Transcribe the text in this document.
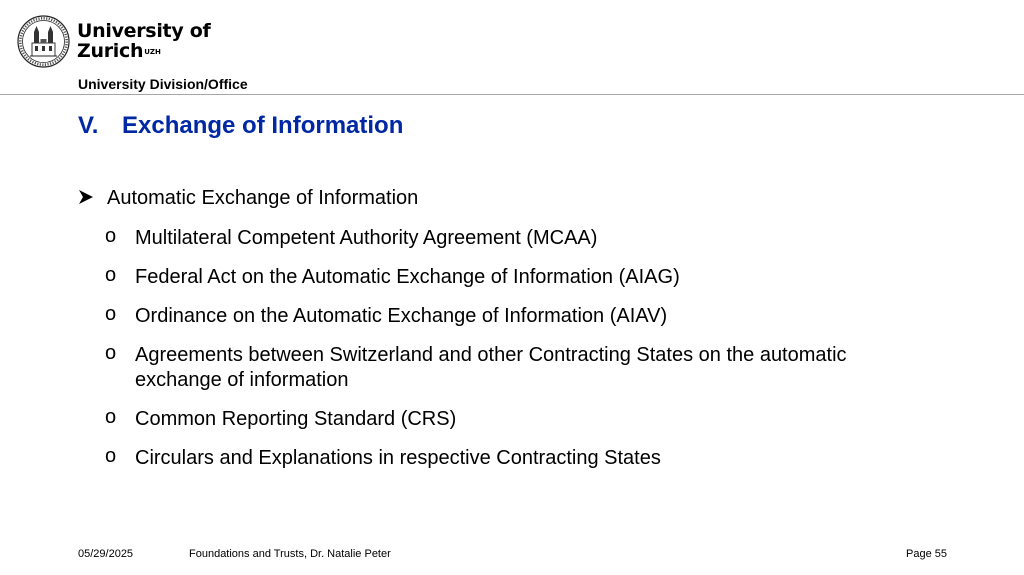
University of
Zurich$^{UZH}$
University Division/Office
V. Exchange of Information
Automatic Exchange of Information
o Multilateral Competent Authority Agreement (MCAA)
o Federal Act on the Automatic Exchange of Information (AIAG)
o Ordinance on the Automatic Exchange of Information (AIAV)
o Agreements between Switzerland and other Contracting States on the automatic exchange of information
o Common Reporting Standard (CRS)
o Circulars and Explanations in respective Contracting States
05/29/2025	Foundations and Trusts, Dr. Natalie Peter	Page 55
